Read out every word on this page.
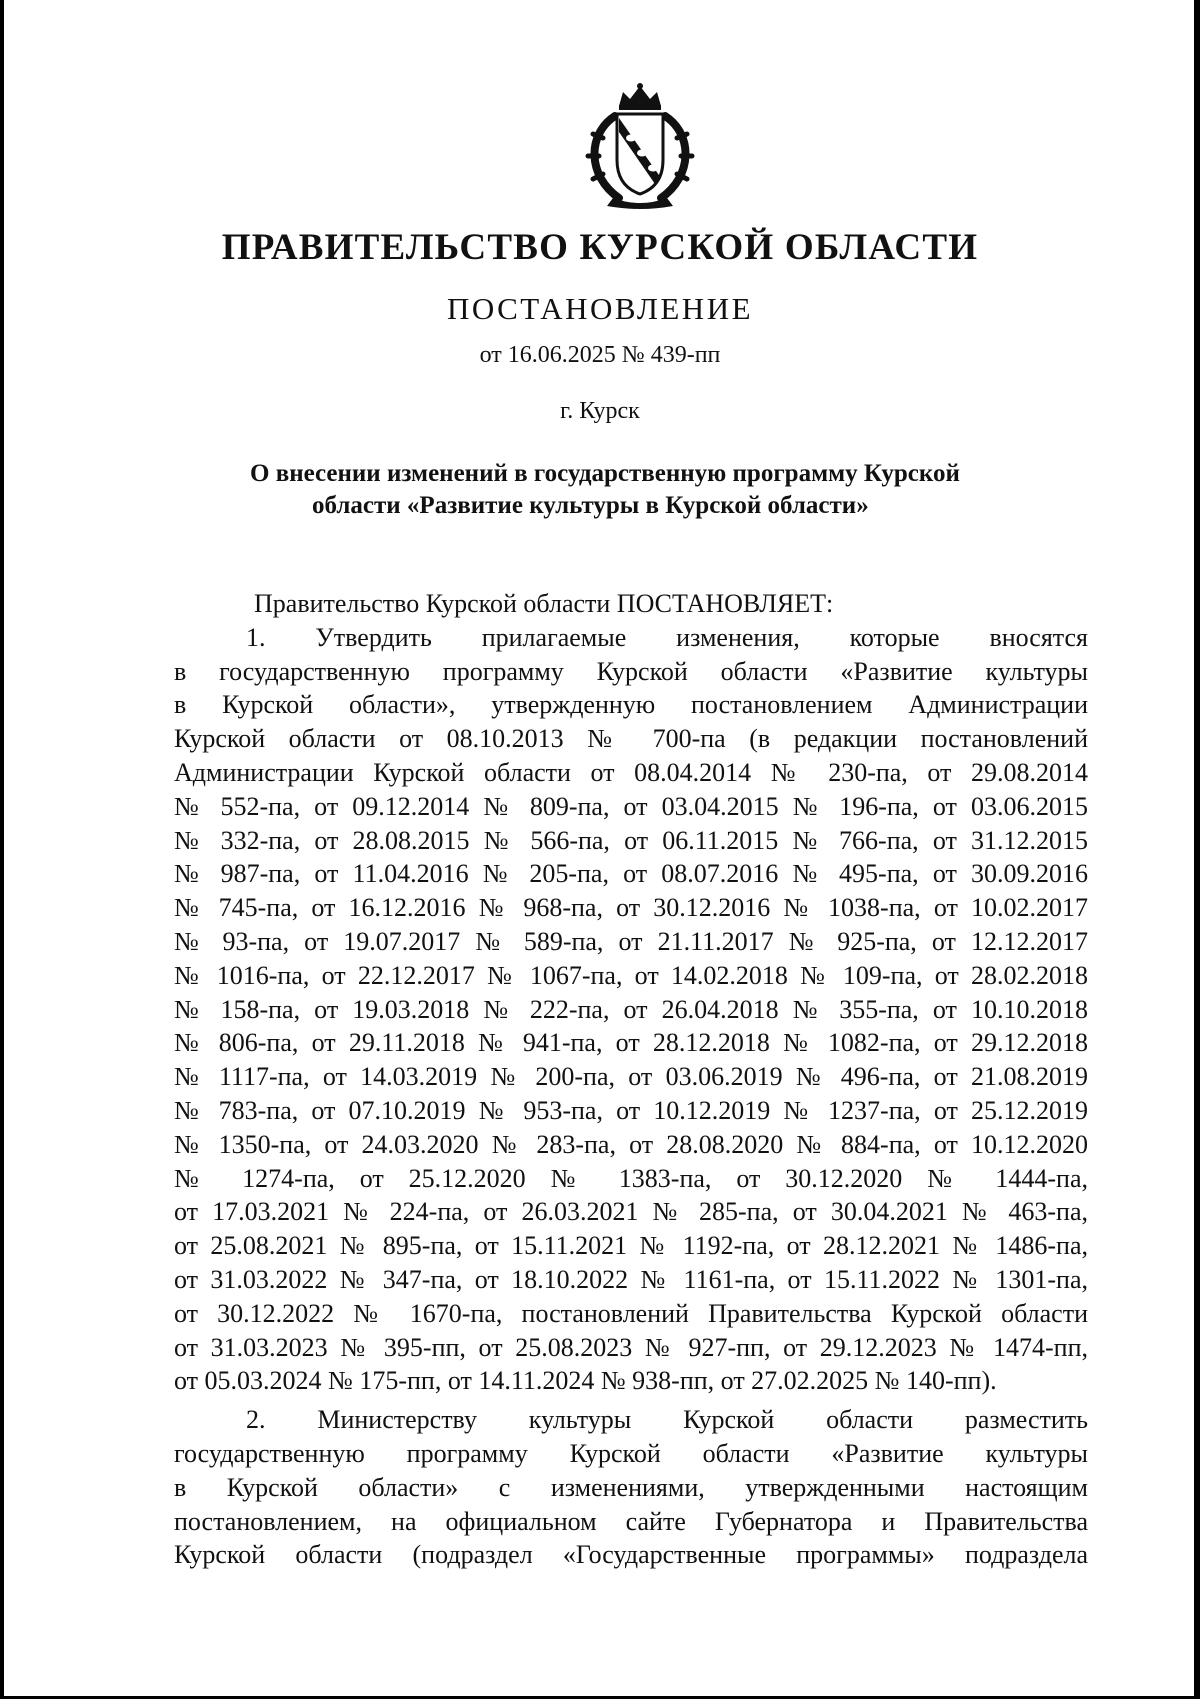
ПРАВИТЕЛЬСТВО КУРСКОЙ ОБЛАСТИ
ПОСТАНОВЛЕНИЕ
от 16.06.2025 № 439-пп
г. Курск
О внесении изменений в государственную программу Курской
области «Развитие культуры в Курской области»
Правительство Курской области ПОСТАНОВЛЯЕТ:
1. Утвердить прилагаемые изменения, которые вносятся
в государственную программу Курской области «Развитие культуры
в Курской области», утвержденную постановлением Администрации
Курской области от 08.10.2013 № 700-па (в редакции постановлений
Администрации Курской области от 08.04.2014 № 230-па, от 29.08.2014
№ 552-па, от 09.12.2014 № 809-па, от 03.04.2015 № 196-па, от 03.06.2015
№ 332-па, от 28.08.2015 № 566-па, от 06.11.2015 № 766-па, от 31.12.2015
№ 987-па, от 11.04.2016 № 205-па, от 08.07.2016 № 495-па, от 30.09.2016
№ 745-па, от 16.12.2016 № 968-па, от 30.12.2016 № 1038-па, от 10.02.2017
№ 93-па, от 19.07.2017 № 589-па, от 21.11.2017 № 925-па, от 12.12.2017
№ 1016-па, от 22.12.2017 № 1067-па, от 14.02.2018 № 109-па, от 28.02.2018
№ 158-па, от 19.03.2018 № 222-па, от 26.04.2018 № 355-па, от 10.10.2018
№ 806-па, от 29.11.2018 № 941-па, от 28.12.2018 № 1082-па, от 29.12.2018
№ 1117-па, от 14.03.2019 № 200-па, от 03.06.2019 № 496-па, от 21.08.2019
№ 783-па, от 07.10.2019 № 953-па, от 10.12.2019 № 1237-па, от 25.12.2019
№ 1350-па, от 24.03.2020 № 283-па, от 28.08.2020 № 884-па, от 10.12.2020
№ 1274-па, от 25.12.2020 № 1383-па, от 30.12.2020 № 1444-па,
от 17.03.2021 № 224-па, от 26.03.2021 № 285-па, от 30.04.2021 № 463-па,
от 25.08.2021 № 895-па, от 15.11.2021 № 1192-па, от 28.12.2021 № 1486-па,
от 31.03.2022 № 347-па, от 18.10.2022 № 1161-па, от 15.11.2022 № 1301-па,
от 30.12.2022 № 1670-па, постановлений Правительства Курской области
от 31.03.2023 № 395-пп, от 25.08.2023 № 927-пп, от 29.12.2023 № 1474-пп,
от 05.03.2024 № 175-пп, от 14.11.2024 № 938-пп, от 27.02.2025 № 140-пп).
2. Министерству культуры Курской области разместить
государственную программу Курской области «Развитие культуры
в Курской области» с изменениями, утвержденными настоящим
постановлением, на официальном сайте Губернатора и Правительства
Курской области (подраздел «Государственные программы» подраздела
